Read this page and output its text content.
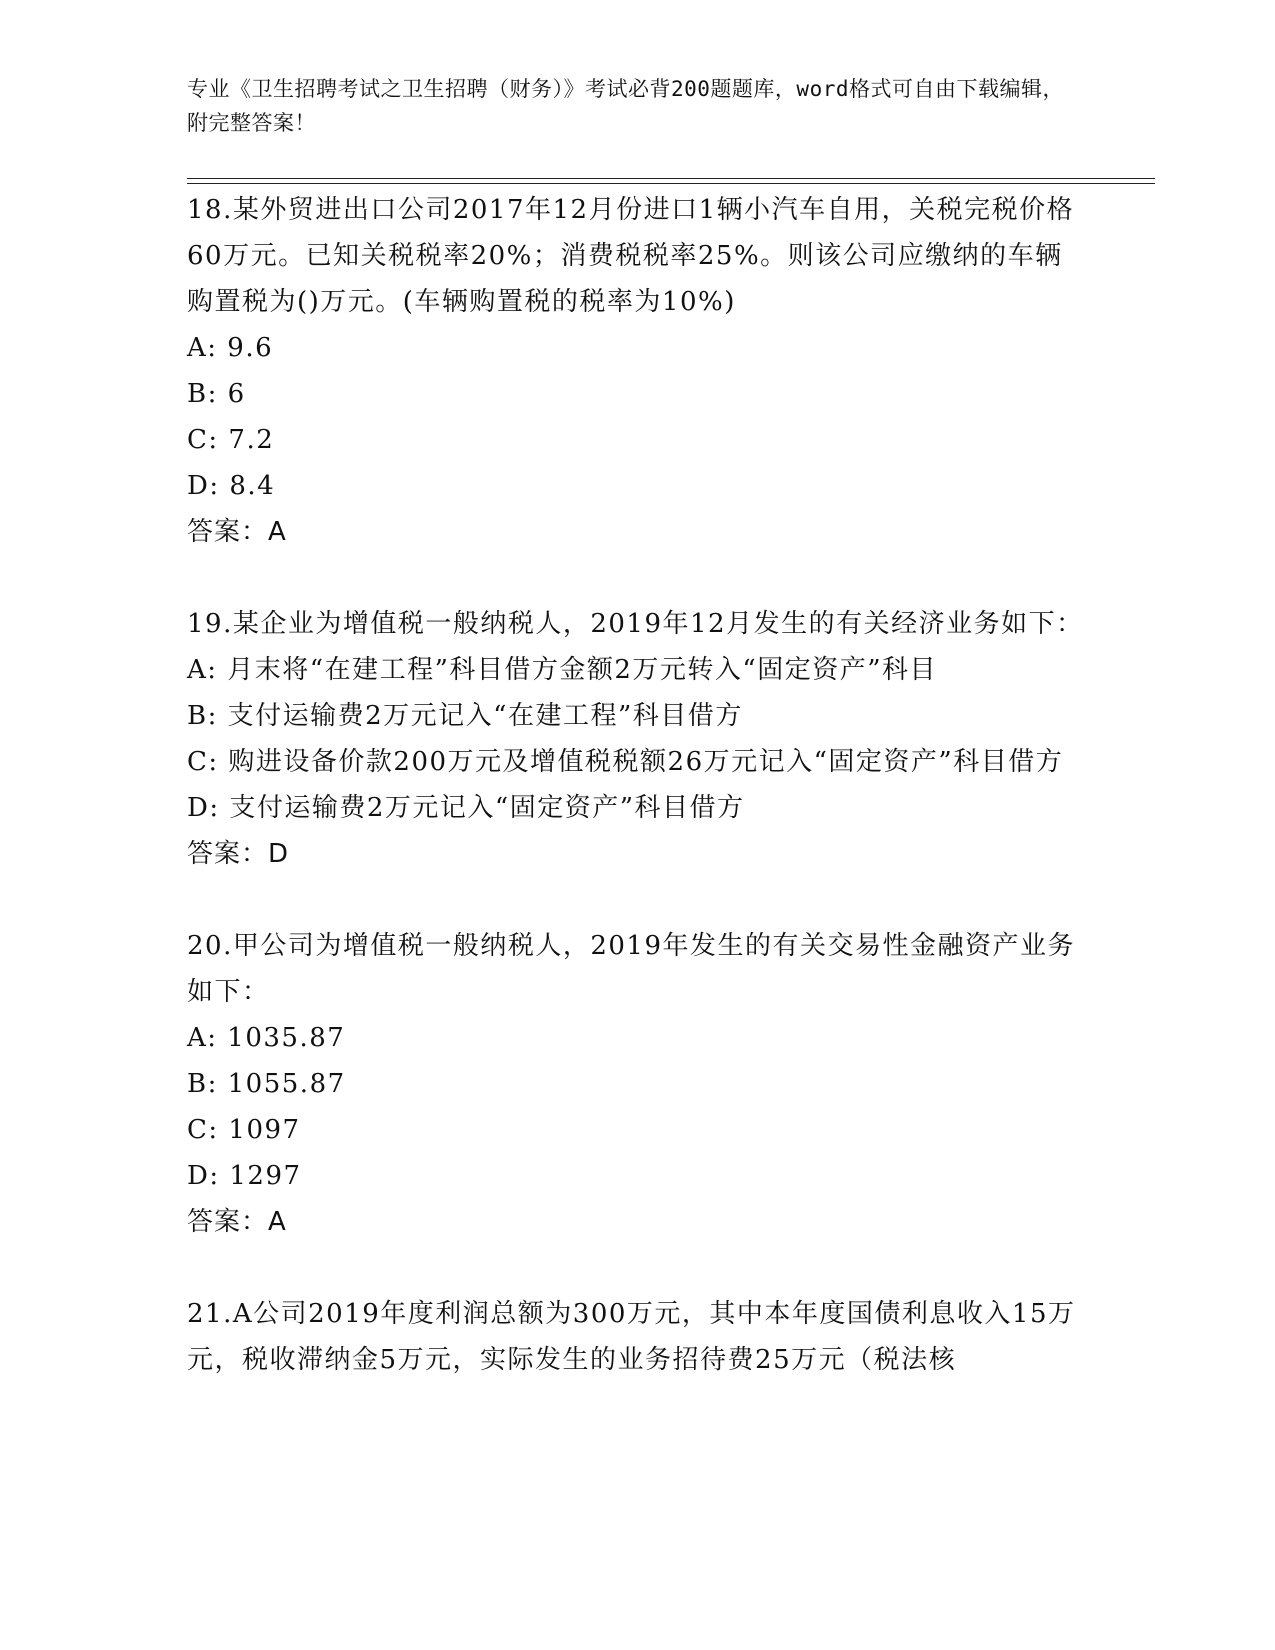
专业《卫生招聘考试之卫生招聘（财务）》考试必背200题题库，word格式可自由下载编辑，附完整答案！

18.某外贸进出口公司2017年12月份进口1辆小汽车自用，关税完税价格60万元。已知关税税率20%；消费税税率25%。则该公司应缴纳的车辆购置税为()万元。(车辆购置税的税率为10%)

A: 9.6

B: 6

C: 7.2

D: 8.4

答案：A

19.某企业为增值税一般纳税人，2019年12月发生的有关经济业务如下：

A: 月末将“在建工程”科目借方金额2万元转入“固定资产”科目

B: 支付运输费2万元记入“在建工程”科目借方

C: 购进设备价款200万元及增值税税额26万元记入“固定资产”科目借方

D: 支付运输费2万元记入“固定资产”科目借方

答案：D

20.甲公司为增值税一般纳税人，2019年发生的有关交易性金融资产业务如下：

A: 1035.87

B: 1055.87

C: 1097

D: 1297

答案：A

21.A公司2019年度利润总额为300万元，其中本年度国债利息收入15万元，税收滞纳金5万元，实际发生的业务招待费25万元（税法核
